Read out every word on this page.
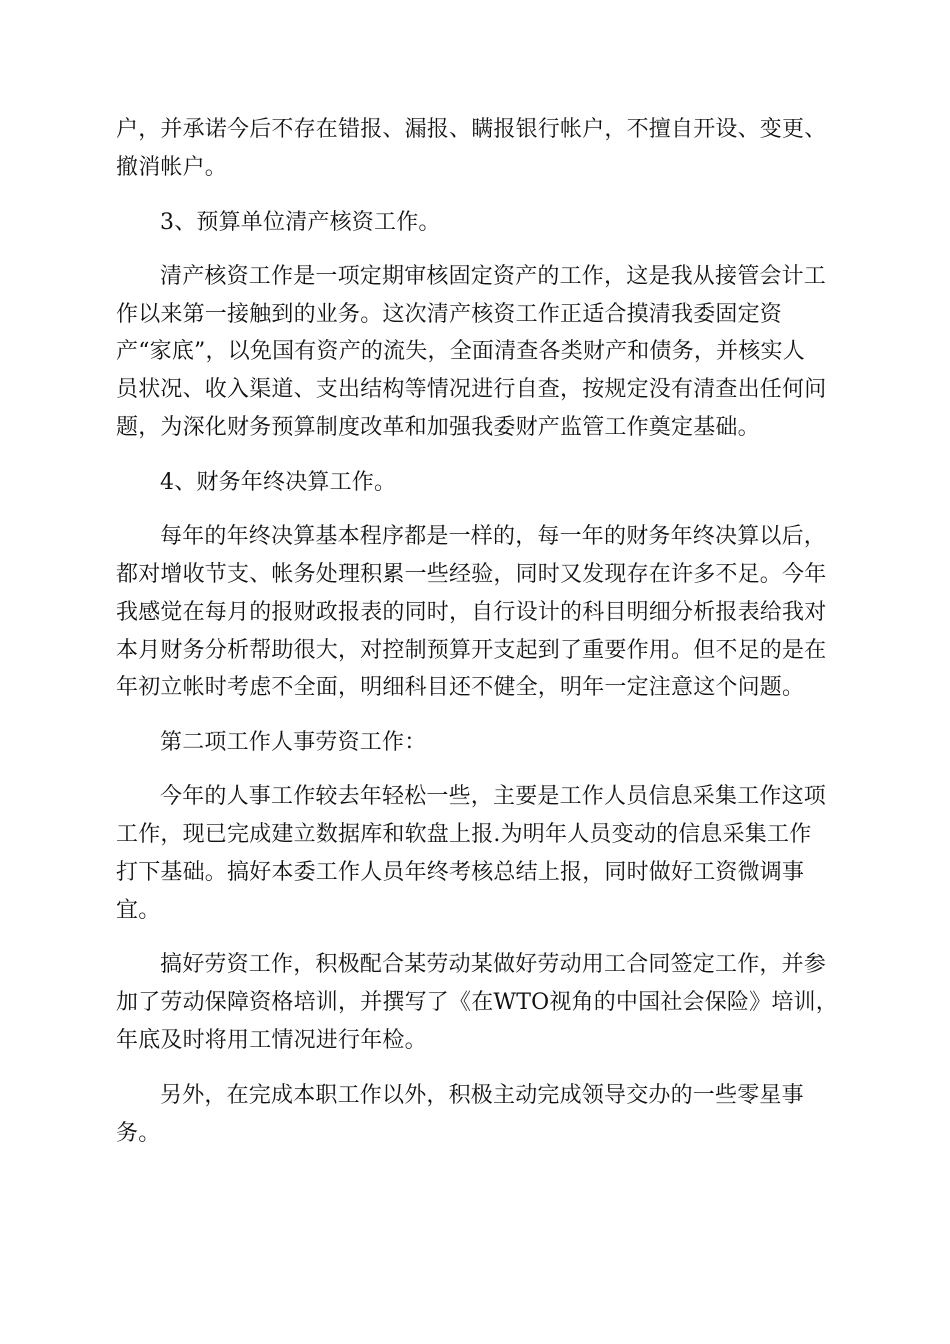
户，并承诺今后不存在错报、漏报、瞒报银行帐户，不擅自开设、变更、
撤消帐户。
3、预算单位清产核资工作。
清产核资工作是一项定期审核固定资产的工作，这是我从接管会计工
作以来第一接触到的业务。这次清产核资工作正适合摸清我委固定资
产“家底”，以免国有资产的流失，全面清查各类财产和债务，并核实人
员状况、收入渠道、支出结构等情况进行自查，按规定没有清查出任何问
题，为深化财务预算制度改革和加强我委财产监管工作奠定基础。
4、财务年终决算工作。
每年的年终决算基本程序都是一样的，每一年的财务年终决算以后，
都对增收节支、帐务处理积累一些经验，同时又发现存在许多不足。今年
我感觉在每月的报财政报表的同时，自行设计的科目明细分析报表给我对
本月财务分析帮助很大，对控制预算开支起到了重要作用。但不足的是在
年初立帐时考虑不全面，明细科目还不健全，明年一定注意这个问题。
第二项工作人事劳资工作：
今年的人事工作较去年轻松一些，主要是工作人员信息采集工作这项
工作，现已完成建立数据库和软盘上报.为明年人员变动的信息采集工作
打下基础。搞好本委工作人员年终考核总结上报，同时做好工资微调事
宜。
搞好劳资工作，积极配合某劳动某做好劳动用工合同签定工作，并参
加了劳动保障资格培训，并撰写了《在WTO视角的中国社会保险》培训，
年底及时将用工情况进行年检。
另外，在完成本职工作以外，积极主动完成领导交办的一些零星事
务。
